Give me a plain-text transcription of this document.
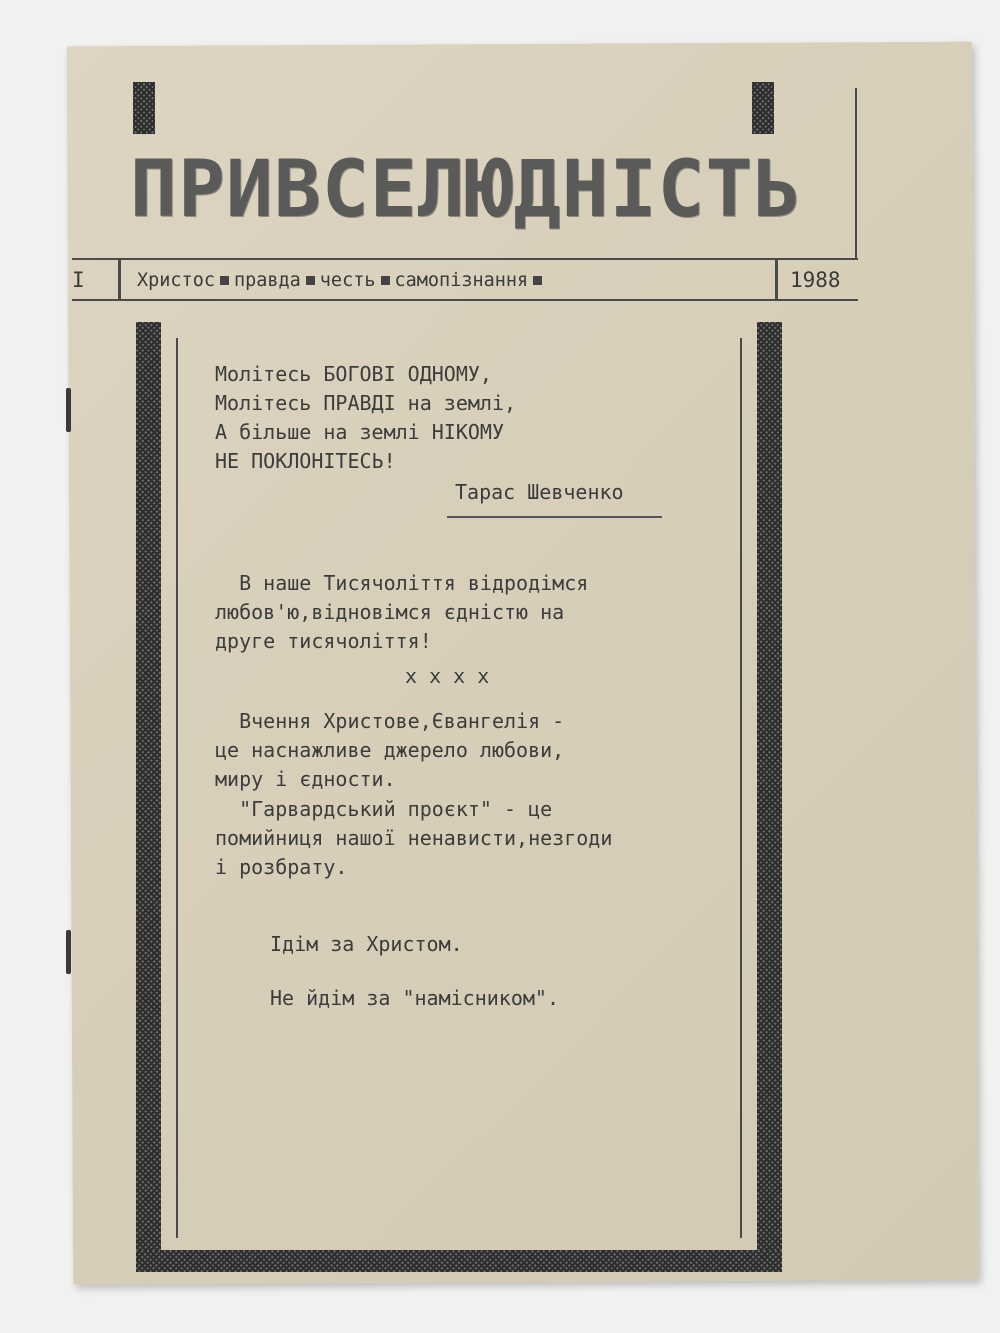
ПРИВСЕЛЮДНІСТЬ

I	Христос правда честь самопізнання	1988

Молітесь БОГОВІ ОДНОМУ,
Молітесь ПРАВДІ на землі,
А більше на землі НІКОМУ
НЕ ПОКЛОНІТЕСЬ!

Тарас Шевченко

В наше Тисячоліття відродімся
любов'ю,відновімся єдністю на
друге тисячоліття!

x x x x

Вчення Христове,Євангелія -
це наснажливе джерело любови,
миру і єдности.
"Гарвардський проєкт" - це
помийниця нашої ненависти,незгоди
і розбрату.

Ідім за Христом.

Не йдім за "намісником".
